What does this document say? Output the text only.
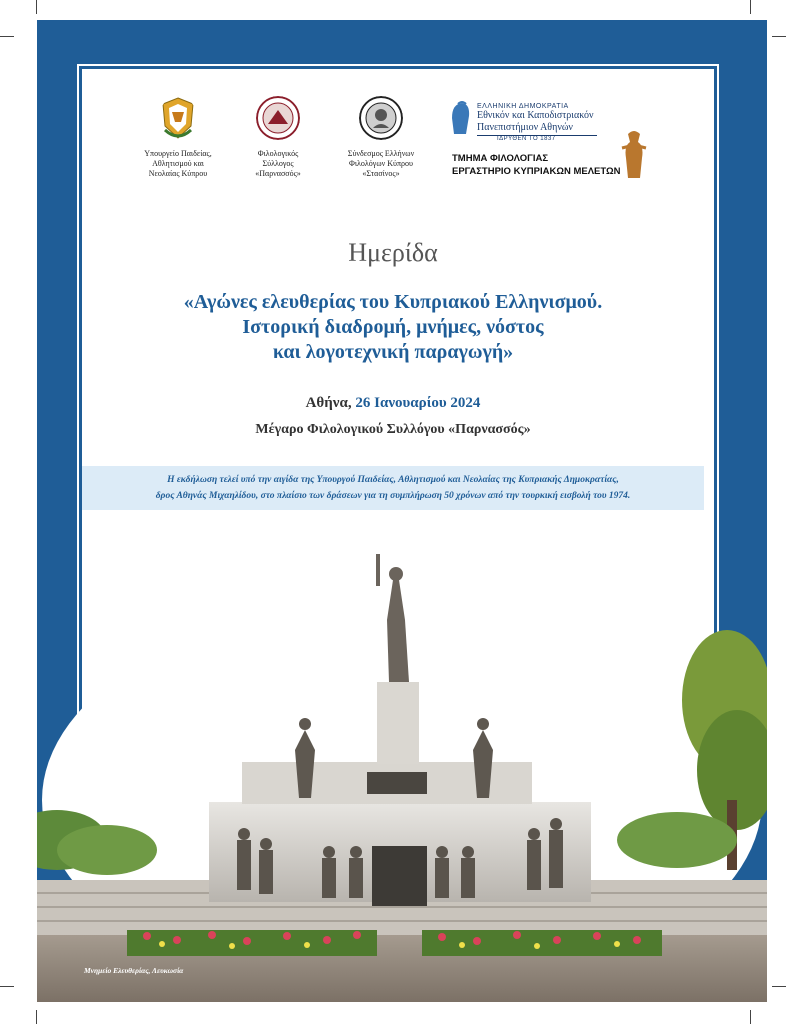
Μνημείο Ελευθερίας, Λευκωσία
Υπουργείο Παιδείας,
Αθλητισμού και
Νεολαίας Κύπρου
Φιλολογικός
Σύλλογος
«Παρνασσός»
Σύνδεσμος Ελλήνων
Φιλολόγων Κύπρου
«Στασίνος»
ΕΛΛΗΝΙΚΗ ΔΗΜΟΚΡΑΤΙΑ
Εθνικόν και Καποδιστριακόν
Πανεπιστήμιον Αθηνών
ΙΔΡΥΘΕΝ ΤΟ 1837
ΤΜΗΜΑ ΦΙΛΟΛΟΓΙΑΣ
ΕΡΓΑΣΤΗΡΙΟ ΚΥΠΡΙΑΚΩΝ ΜΕΛΕΤΩΝ
Ημερίδα
«Αγώνες ελευθερίας του Κυπριακού Ελληνισμού.
Ιστορική διαδρομή, μνήμες, νόστος
και λογοτεχνική παραγωγή»
Αθήνα, 26 Ιανουαρίου 2024
Μέγαρο Φιλολογικού Συλλόγου «Παρνασσός»
Η εκδήλωση τελεί υπό την αιγίδα της Υπουργού Παιδείας, Αθλητισμού και Νεολαίας της Κυπριακής Δημοκρατίας,
δρος Αθηνάς Μιχαηλίδου, στο πλαίσιο των δράσεων για τη συμπλήρωση 50 χρόνων από την τουρκική εισβολή του 1974.
